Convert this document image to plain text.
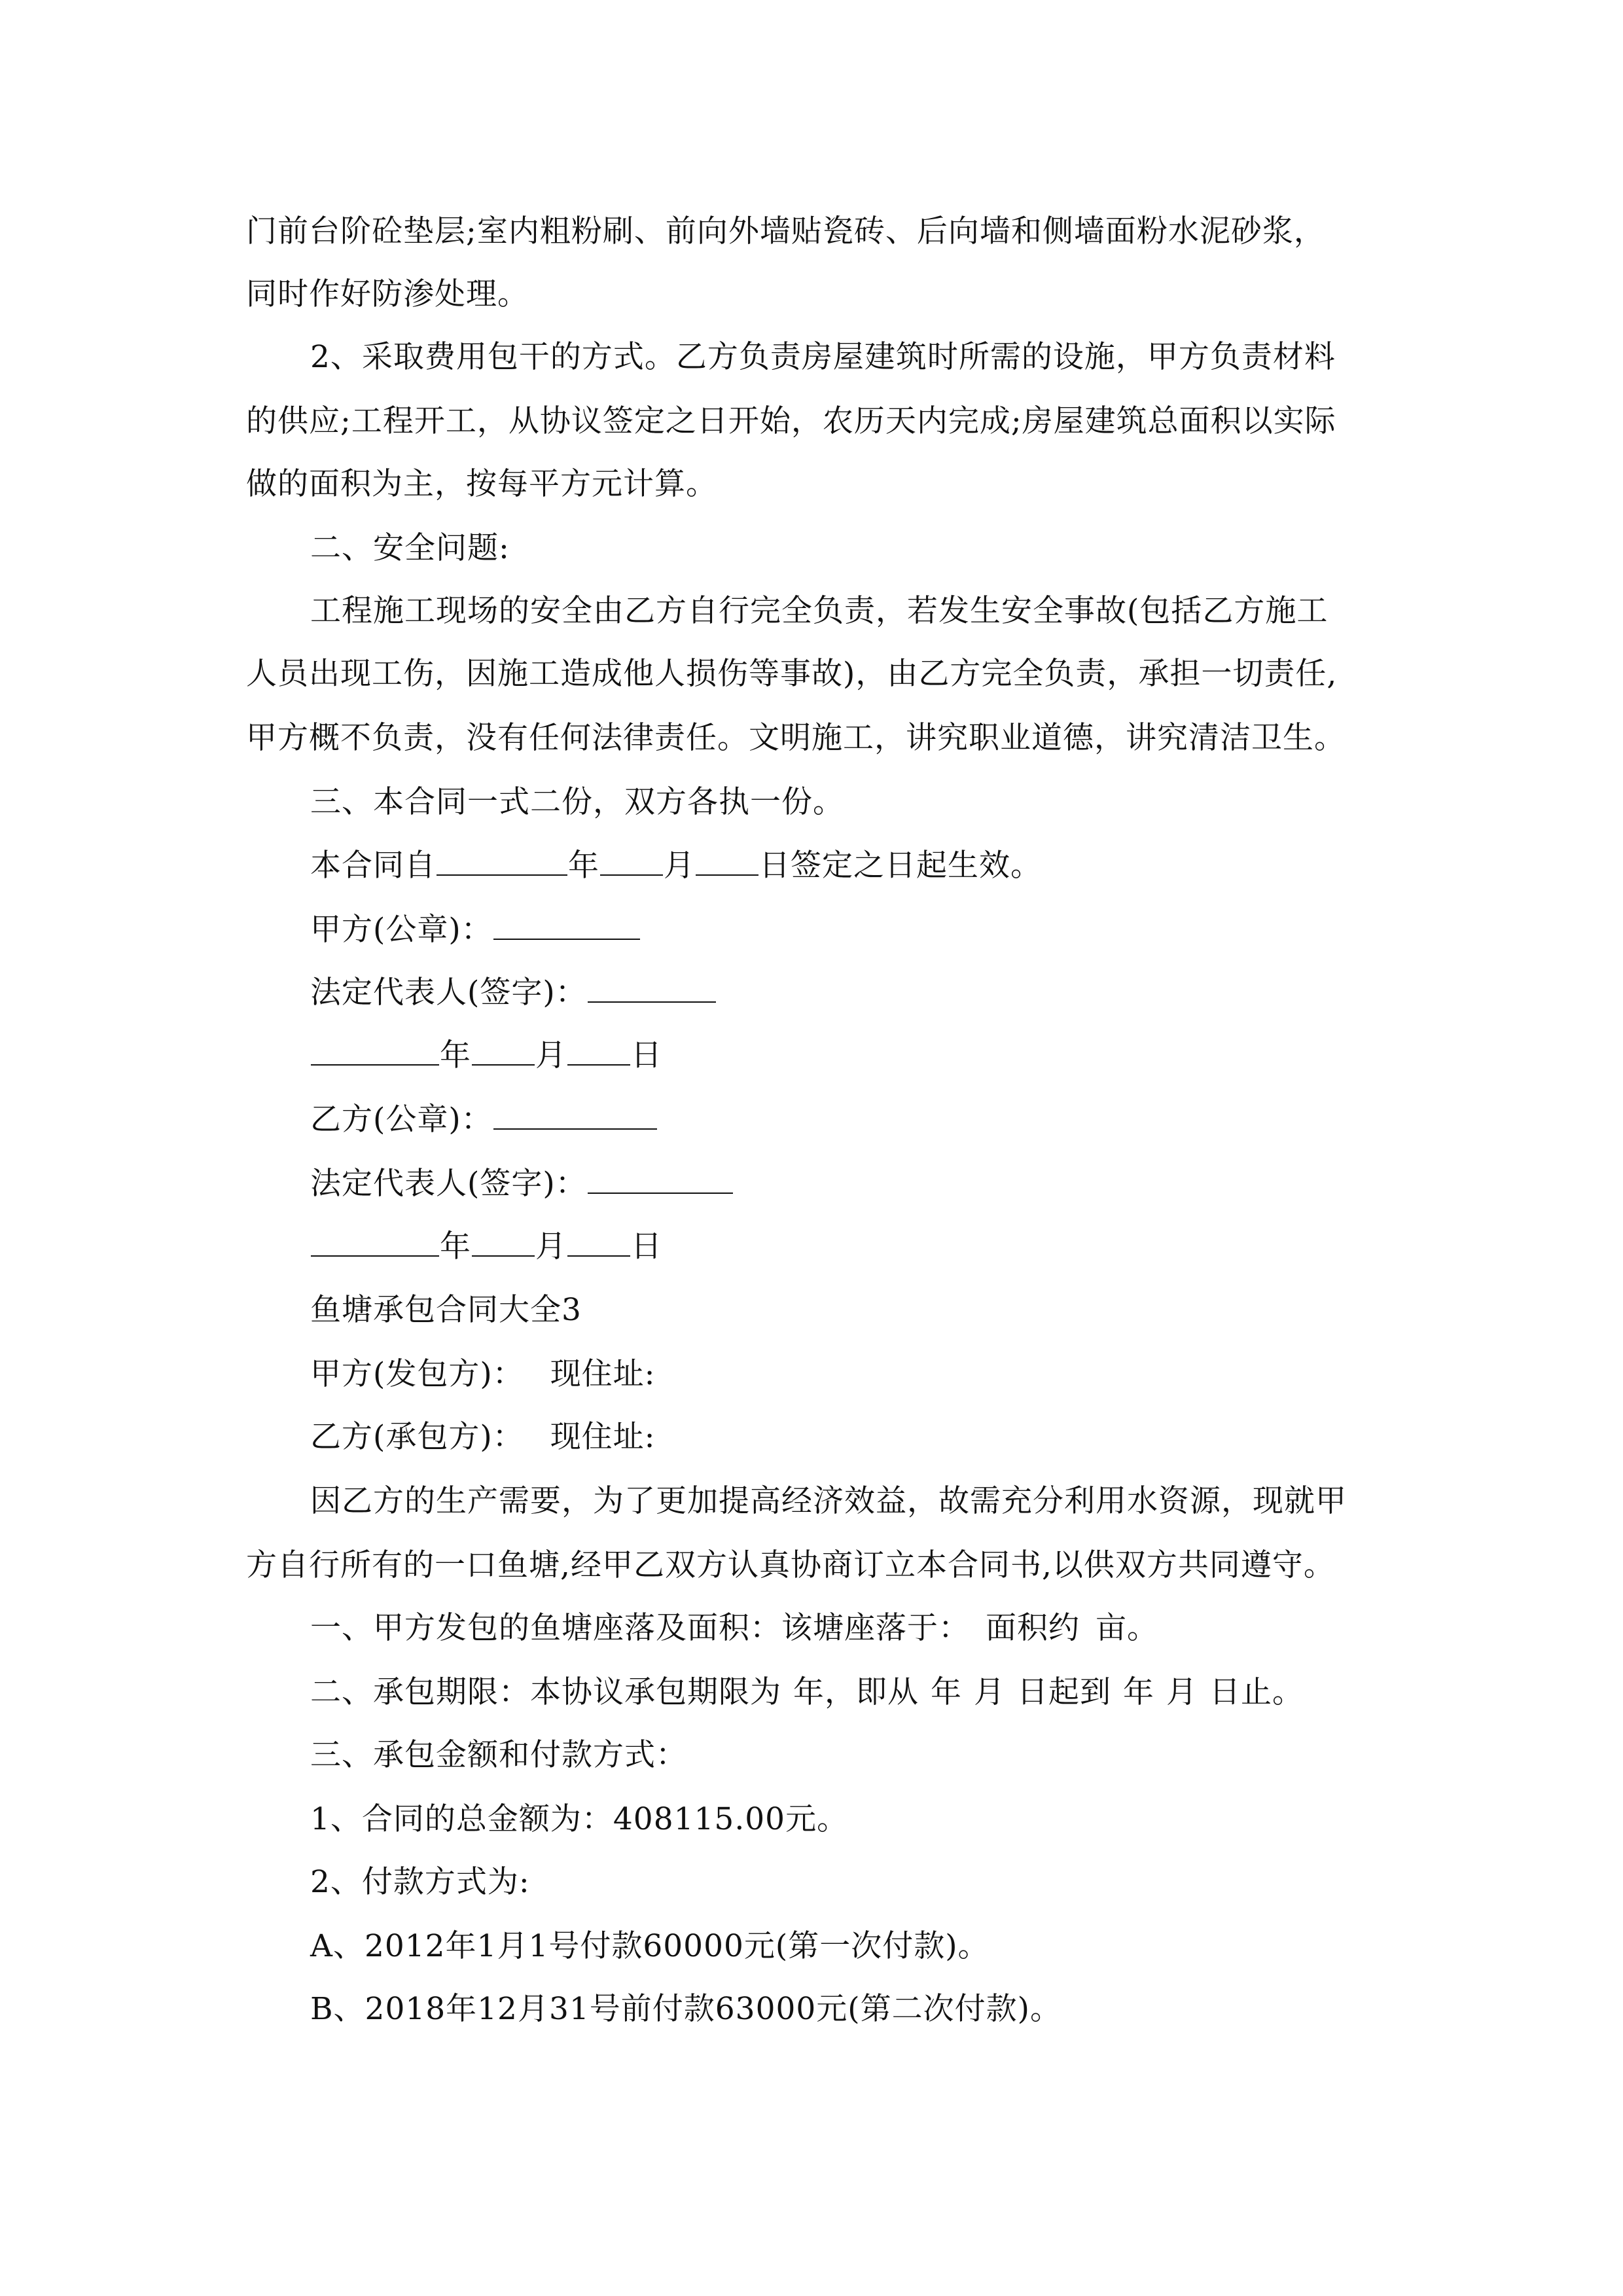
门前台阶砼垫层;室内粗粉刷、前向外墙贴瓷砖、后向墙和侧墙面粉水泥砂浆，
同时作好防渗处理。
2、采取费用包干的方式。乙方负责房屋建筑时所需的设施，甲方负责材料
的供应;工程开工，从协议签定之日开始，农历天内完成;房屋建筑总面积以实际
做的面积为主，按每平方元计算。
二、安全问题:
工程施工现场的安全由乙方自行完全负责，若发生安全事故(包括乙方施工
人员出现工伤，因施工造成他人损伤等事故)，由乙方完全负责，承担一切责任,
甲方概不负责，没有任何法律责任。文明施工，讲究职业道德，讲究清洁卫生。
三、本合同一式二份，双方各执一份。
本合同自	年 月 日签定之日起生效。
甲方(公章)：
法定代表人(签字)：
年 月 日
乙方(公章)：
法定代表人(签字)：
年 月 日
鱼塘承包合同大全3
甲方(发包方)： 现住址:
乙方(承包方)： 现住址:
因乙方的生产需要，为了更加提高经济效益，故需充分利用水资源，现就甲
方自行所有的一口鱼塘,经甲乙双方认真协商订立本合同书,以供双方共同遵守。
一、甲方发包的鱼塘座落及面积：该塘座落于： 面积约 亩。
二、承包期限：本协议承包期限为 年，即从 年 月 日起到 年 月 日止。
三、承包金额和付款方式：
1、合同的总金额为：408115.00元。
2、付款方式为:
A、2012年1月1号付款60000元(第一次付款)。
B、2018年12月31号前付款63000元(第二次付款)。
